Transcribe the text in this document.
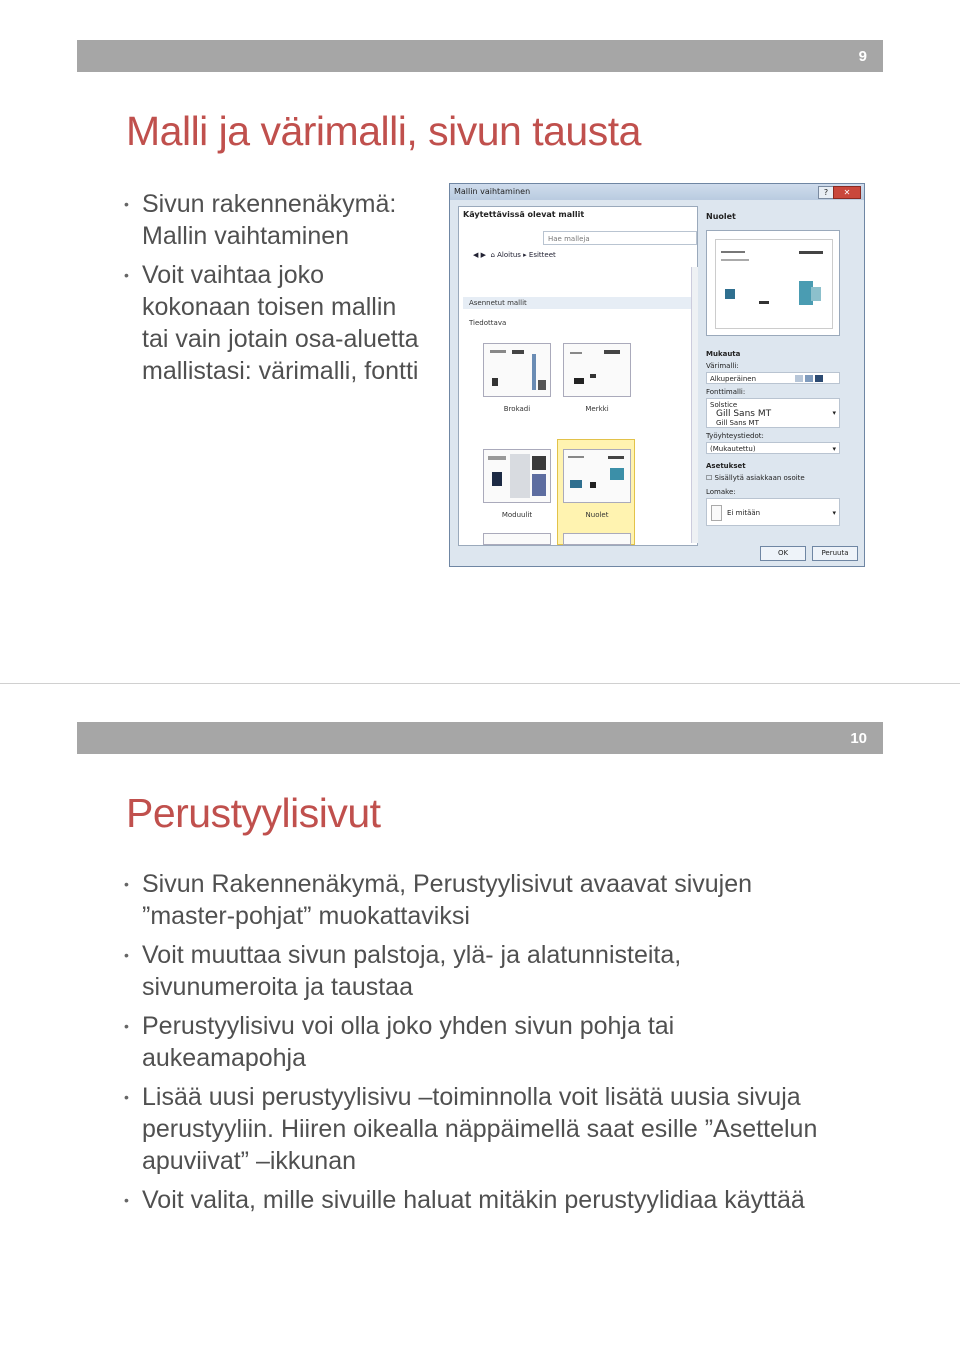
9
Malli ja värimalli, sivun tausta
• Sivun rakennenäkymä: Mallin vaihtaminen
• Voit vaihtaa joko kokonaan toisen mallin tai vain jotain osa-aluetta mallistasi: värimalli, fontti
Mallin vaihtaminen	?	✕
Käytettävissä olevat mallit
Hae malleja
◀ ▶ ⌂ Aloitus ▸ Esitteet
Asennetut mallit
Tiedottava
Brokadi	Merkki
Moduulit	Nuolet
Nuolet
Mukauta
Värimalli:
Alkuperäinen
Fonttimalli:
Solstice
Gill Sans MT
Gill Sans MT
▾
Työyhteystiedot:
(Mukautettu)	▾
Asetukset
☐ Sisällytä asiakkaan osoite
Lomake:
Ei mitään	▾
OK	Peruuta
10
Perustyylisivut
• Sivun Rakennenäkymä, Perustyylisivut avaavat sivujen ”master-pohjat” muokattaviksi
• Voit muuttaa sivun palstoja, ylä- ja alatunnisteita, sivunumeroita ja taustaa
• Perustyylisivu voi olla joko yhden sivun pohja tai aukeamapohja
• Lisää uusi perustyylisivu –toiminnolla voit lisätä uusia sivuja perustyyliin. Hiiren oikealla näppäimellä saat esille ”Asettelun apuviivat” –ikkunan
• Voit valita, mille sivuille haluat mitäkin perustyylidiaa käyttää
